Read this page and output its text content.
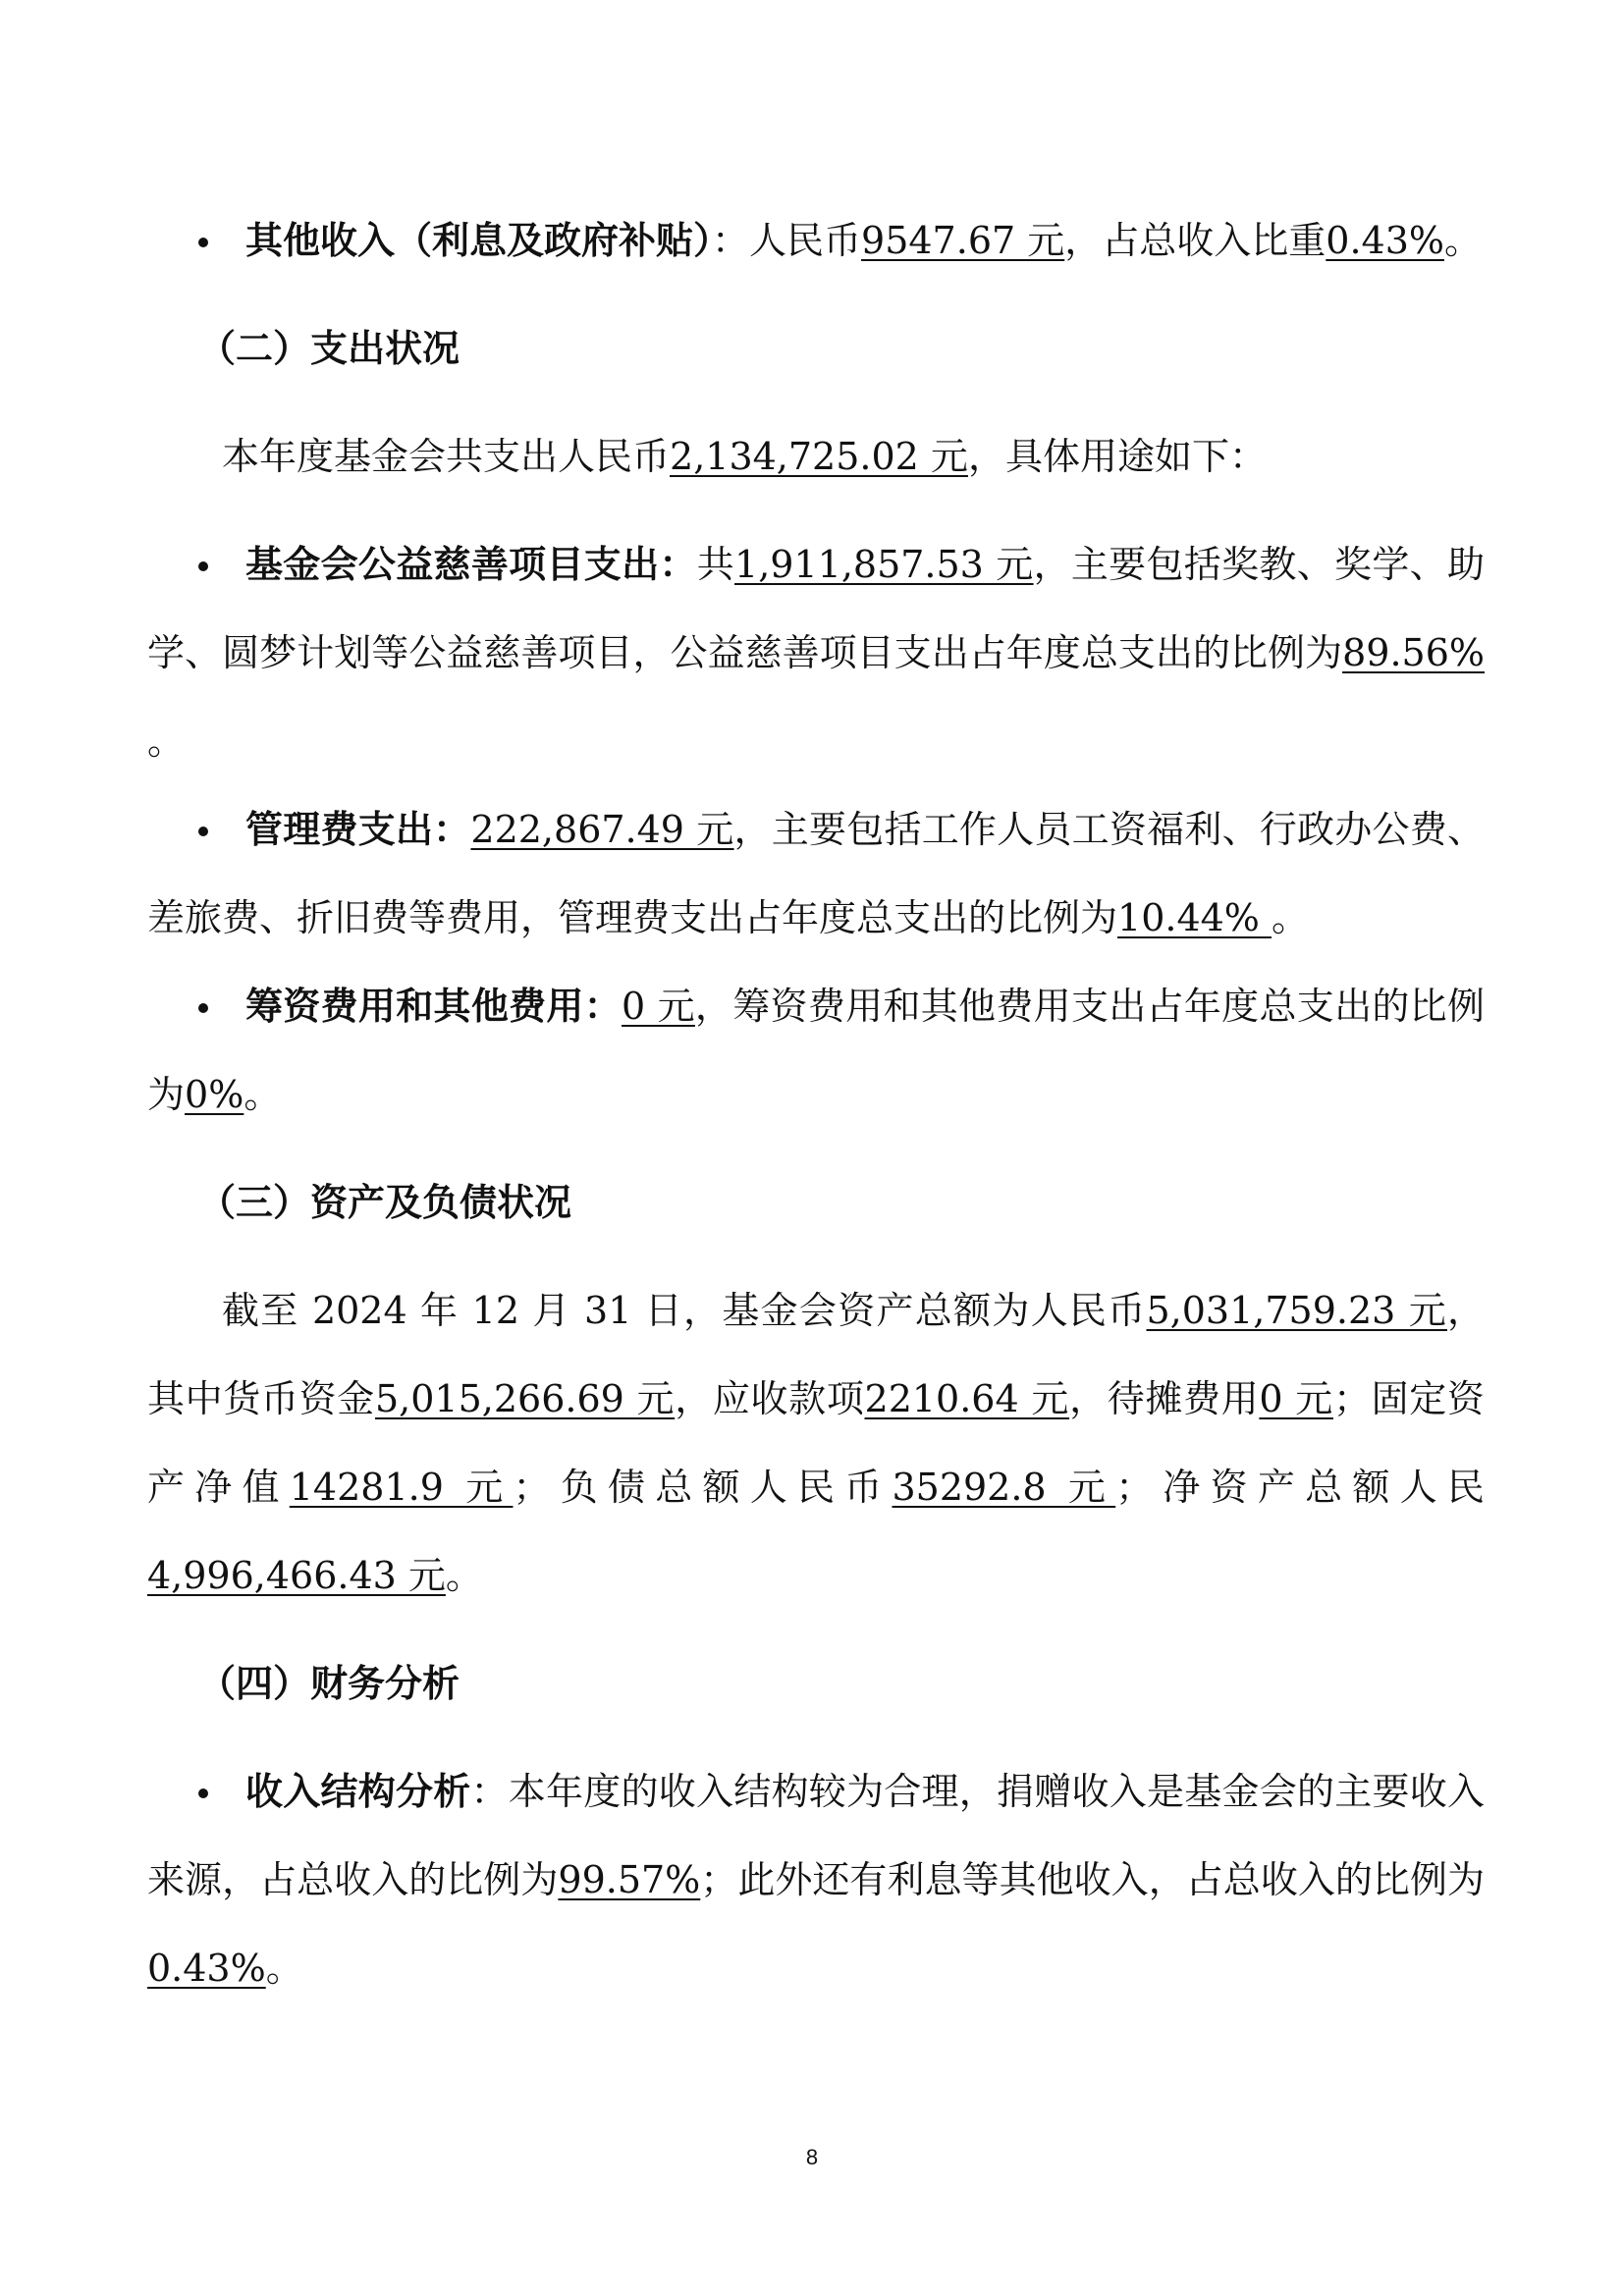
其他收入（利息及政府补贴）：人民币9547.67 元，占总收入比重0.43%。
（二）支出状况
本年度基金会共支出人民币2,134,725.02 元，具体用途如下：
基金会公益慈善项目支出：共1,911,857.53 元，主要包括奖教、奖学、助学、圆梦计划等公益慈善项目，公益慈善项目支出占年度总支出的比例为89.56% 。
管理费支出：222,867.49 元，主要包括工作人员工资福利、行政办公费、差旅费、折旧费等费用，管理费支出占年度总支出的比例为10.44% 。
筹资费用和其他费用：0 元，筹资费用和其他费用支出占年度总支出的比例为0%。
（三）资产及负债状况
截至 2024 年 12 月 31 日，基金会资产总额为人民币5,031,759.23 元，其中货币资金5,015,266.69 元，应收款项2210.64 元，待摊费用0 元；固定资产净值14281.9 元；负债总额人民币35292.8 元；净资产总额人民4,996,466.43 元。
（四）财务分析
收入结构分析：本年度的收入结构较为合理，捐赠收入是基金会的主要收入来源，占总收入的比例为99.57%；此外还有利息等其他收入，占总收入的比例为0.43%。
8
